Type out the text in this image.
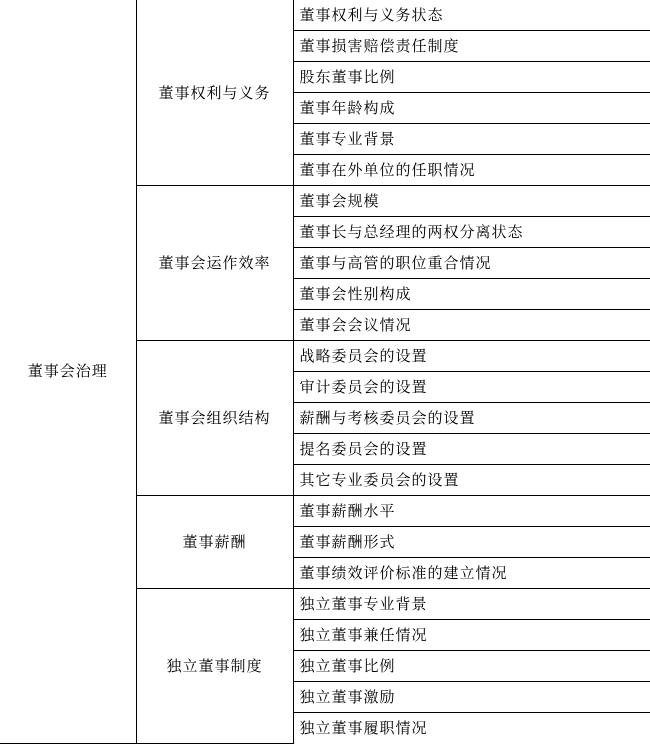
董事会治理	董事权利与义务	董事权利与义务状态
		董事损害赔偿责任制度
		股东董事比例
		董事年龄构成
		董事专业背景
		董事在外单位的任职情况
	董事会运作效率	董事会规模
		董事长与总经理的两权分离状态
		董事与高管的职位重合情况
		董事会性别构成
		董事会会议情况
	董事会组织结构	战略委员会的设置
		审计委员会的设置
		薪酬与考核委员会的设置
		提名委员会的设置
		其它专业委员会的设置
	董事薪酬	董事薪酬水平
		董事薪酬形式
		董事绩效评价标准的建立情况
	独立董事制度	独立董事专业背景
		独立董事兼任情况
		独立董事比例
		独立董事激励
		独立董事履职情况
